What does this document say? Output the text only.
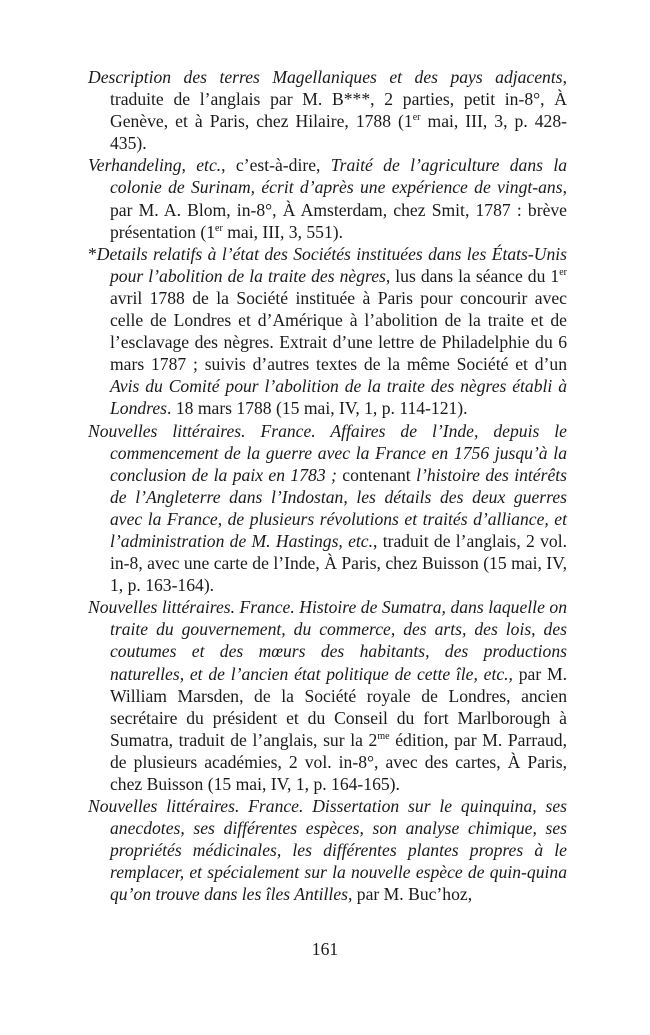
Description des terres Magellaniques et des pays adjacents, traduite de l’anglais par M. B***, 2 parties, petit in-8°, À Genève, et à Paris, chez Hilaire, 1788 (1er mai, III, 3, p. 428-435).

Verhandeling, etc., c’est-à-dire, Traité de l’agriculture dans la colonie de Surinam, écrit d’après une expérience de vingt-ans, par M. A. Blom, in-8°, À Amsterdam, chez Smit, 1787 : brève présentation (1er mai, III, 3, 551).

*Details relatifs à l’état des Sociétés instituées dans les États-Unis pour l’abolition de la traite des nègres, lus dans la séance du 1er avril 1788 de la Société instituée à Paris pour concourir avec celle de Londres et d’Amérique à l’abolition de la traite et de l’esclavage des nègres. Extrait d’une lettre de Philadelphie du 6 mars 1787 ; suivis d’autres textes de la même Société et d’un Avis du Comité pour l’abolition de la traite des nègres établi à Londres. 18 mars 1788 (15 mai, IV, 1, p. 114-121).

Nouvelles littéraires. France. Affaires de l’Inde, depuis le commencement de la guerre avec la France en 1756 jusqu’à la conclusion de la paix en 1783 ; contenant l’histoire des intérêts de l’Angleterre dans l’Indostan, les détails des deux guerres avec la France, de plusieurs révolutions et traités d’alliance, et l’administration de M. Hastings, etc., traduit de l’anglais, 2 vol. in-8, avec une carte de l’Inde, À Paris, chez Buisson (15 mai, IV, 1, p. 163-164).

Nouvelles littéraires. France. Histoire de Sumatra, dans laquelle on traite du gouvernement, du commerce, des arts, des lois, des coutumes et des mœurs des habitants, des productions naturelles, et de l’ancien état politique de cette île, etc., par M. William Marsden, de la Société royale de Londres, ancien secrétaire du président et du Conseil du fort Marlborough à Sumatra, traduit de l’anglais, sur la $2^{me}$ édition, par M. Parraud, de plusieurs académies, 2 vol. in-8°, avec des cartes, À Paris, chez Buisson (15 mai, IV, 1, p. 164-165).

Nouvelles littéraires. France. Dissertation sur le quinquina, ses anecdotes, ses différentes espèces, son analyse chimique, ses propriétés médicinales, les différentes plantes propres à le remplacer, et spécialement sur la nouvelle espèce de quin-quina qu’on trouve dans les îles Antilles, par M. Buc’hoz,

161
